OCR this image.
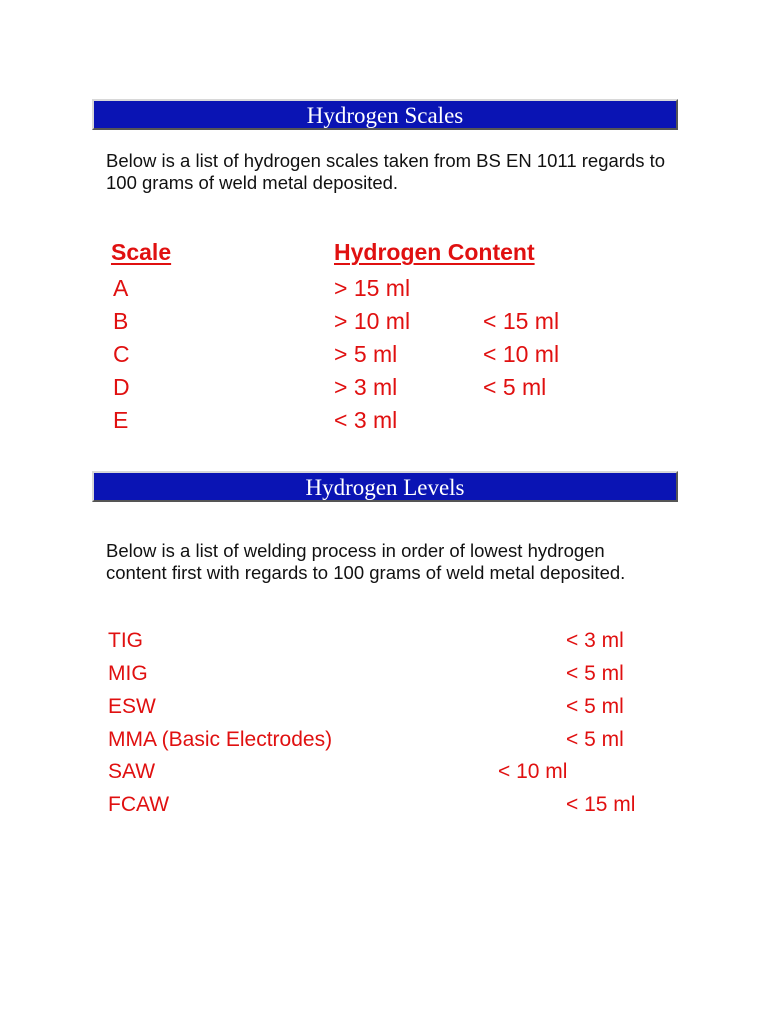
Hydrogen Scales

Below is a list of hydrogen scales taken from BS EN 1011 regards to 100 grams of weld metal deposited.

Scale	Hydrogen Content
A	> 15 ml
B	> 10 ml	< 15 ml
C	> 5 ml	< 10 ml
D	> 3 ml	< 5 ml
E	< 3 ml
Hydrogen Levels

Below is a list of welding process in order of lowest hydrogen content first with regards to 100 grams of weld metal deposited.

TIG	< 3 ml
MIG	< 5 ml
ESW	< 5 ml
MMA (Basic Electrodes)	< 5 ml
SAW	< 10 ml
FCAW	< 15 ml
